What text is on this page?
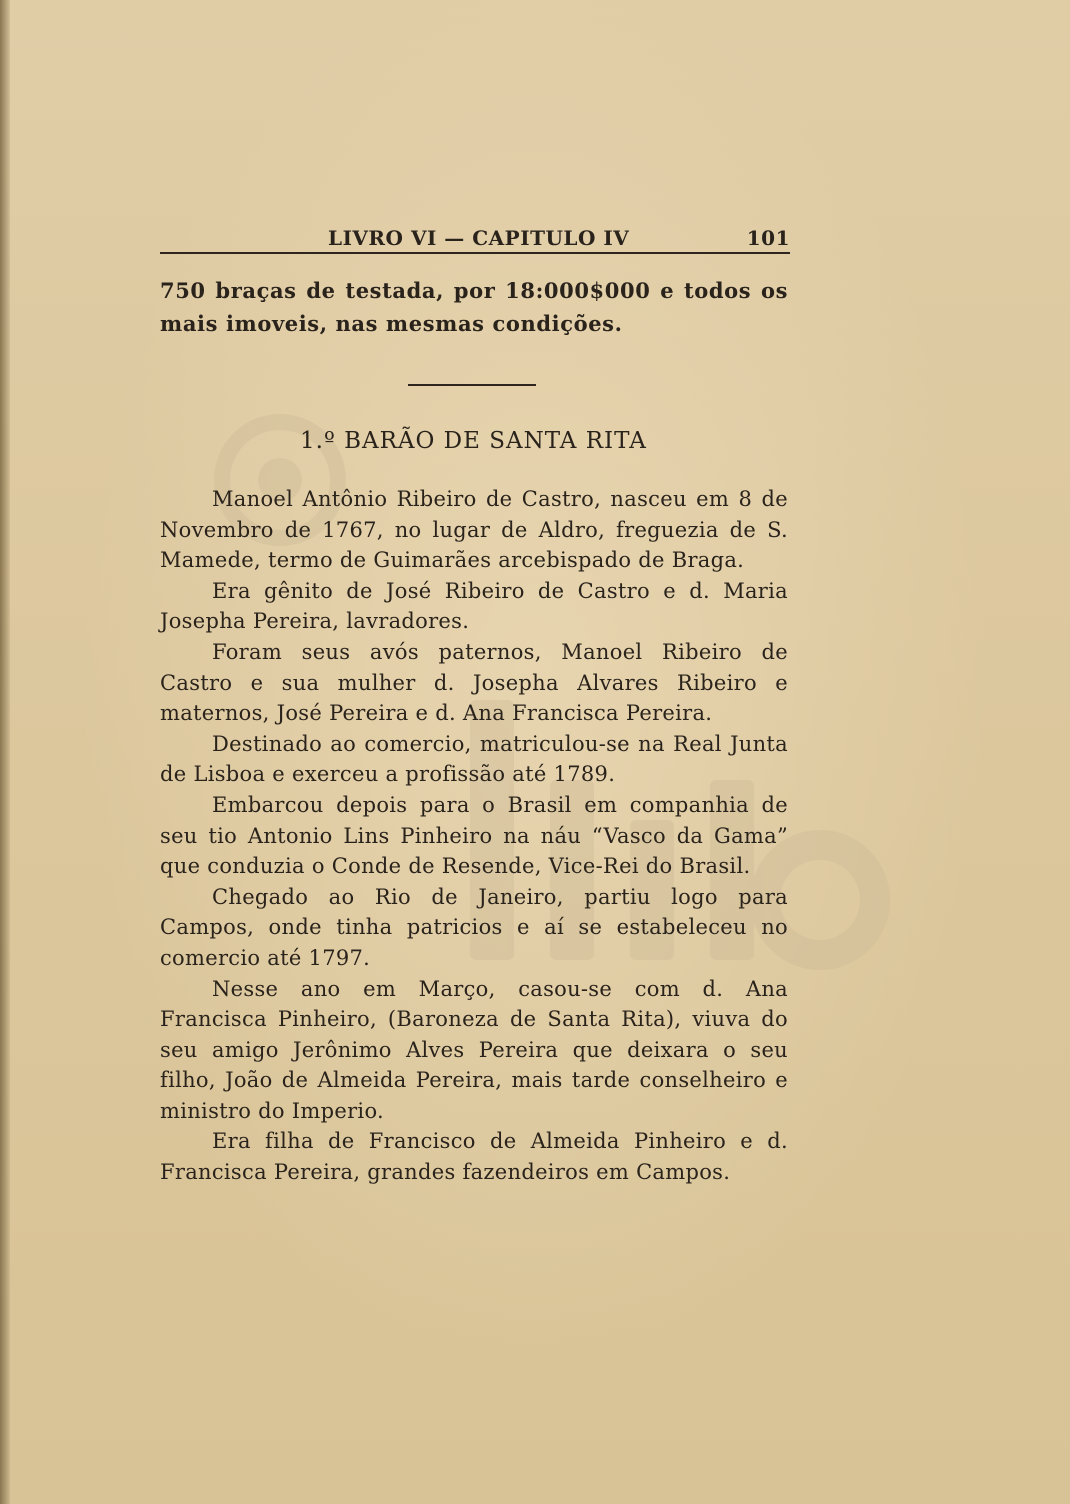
LIVRO VI — CAPITULO IV	101

750 braças de testada, por 18:000$000 e todos os mais imoveis, nas mesmas condições.

1.º BARÃO DE SANTA RITA

Manoel Antônio Ribeiro de Castro, nasceu em 8 de Novembro de 1767, no lugar de Aldro, freguezia de S. Mamede, termo de Guimarães arcebispado de Braga.

Era gênito de José Ribeiro de Castro e d. Maria Josepha Pereira, lavradores.

Foram seus avós paternos, Manoel Ribeiro de Castro e sua mulher d. Josepha Alvares Ribeiro e maternos, José Pereira e d. Ana Francisca Pereira.

Destinado ao comercio, matriculou-se na Real Junta de Lisboa e exerceu a profissão até 1789.

Embarcou depois para o Brasil em companhia de seu tio Antonio Lins Pinheiro na náu “Vasco da Gama” que conduzia o Conde de Resende, Vice-Rei do Brasil.

Chegado ao Rio de Janeiro, partiu logo para Campos, onde tinha patricios e aí se estabeleceu no comercio até 1797.

Nesse ano em Março, casou-se com d. Ana Francisca Pinheiro, (Baroneza de Santa Rita), viuva do seu amigo Jerônimo Alves Pereira que deixara o seu filho, João de Almeida Pereira, mais tarde conselheiro e ministro do Imperio.

Era filha de Francisco de Almeida Pinheiro e d. Francisca Pereira, grandes fazendeiros em Campos.
